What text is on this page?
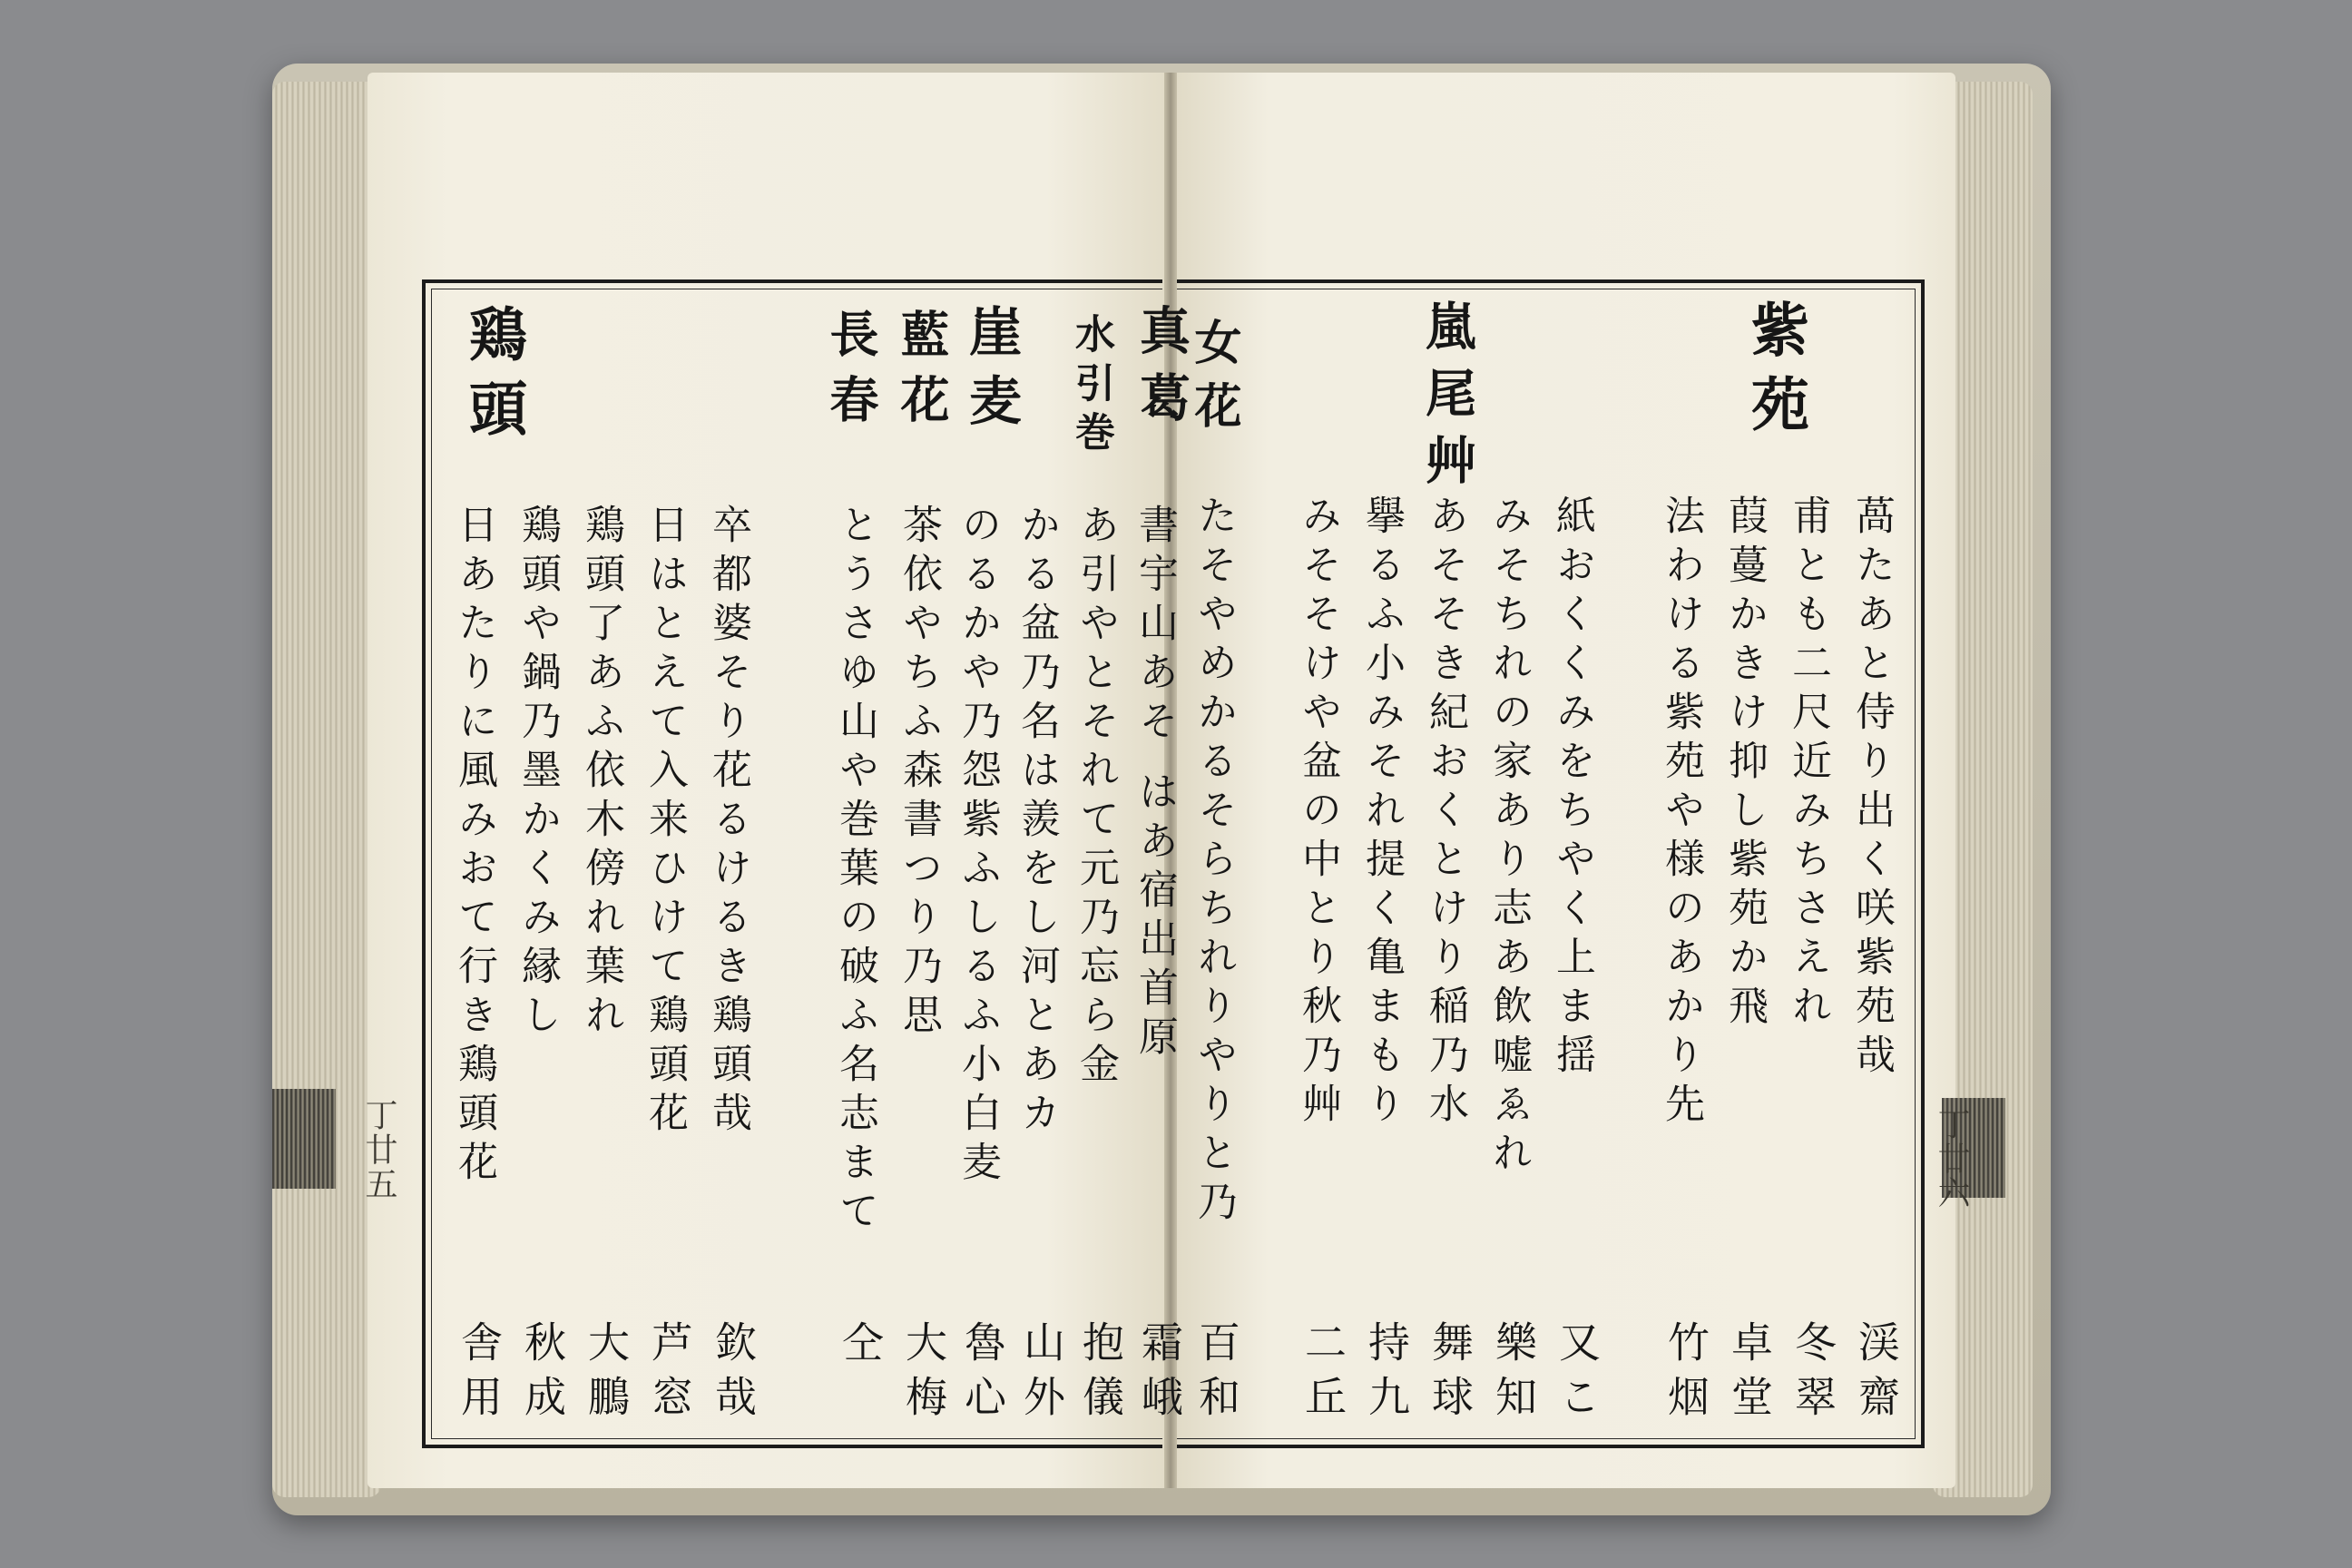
紫苑
嵐尾艸
女花
萵たあと侍り出く咲紫苑哉
渓齋
甫とも二尺近みちさえれ
冬翠
葭蔓かきけ抑し紫苑か飛
卓堂
法わける紫苑や様のあかり先
竹烟
紙おくくみをちやく上ま揺
又こ
みそちれの家あり志あ飲嘘ゑれ
樂知
あそそき紀おくとけり稲乃水
舞球
擧るふ小みそれ提く亀まもり
持九
みそそけや盆の中とり秋乃艸
二丘
たそやめかるそらちれりやりと乃
百和
丁廿六
真葛
水引巻
崖麦
藍花
長春
鶏頭
書宇山あそ はあ宿出首原
霜峨
あ引やとそれて元乃忘ら金
抱儀
かる盆乃名は羨をし河とあカ
山外
のるかや乃怨紫ふしるふ小白麦
魯心
茶依やちふ森書つり乃思
大梅
とうさゆ山や巻葉の破ふ名志まて
仝
卒都婆そり花るけるき鶏頭哉
欽哉
日はとえて入来ひけて鶏頭花
芦窓
鶏頭了あふ依木傍れ葉れ
大鵬
鶏頭や鍋乃墨かくみ縁し
秋成
日あたりに風みおて行き鶏頭花
舎用
丁廿五
